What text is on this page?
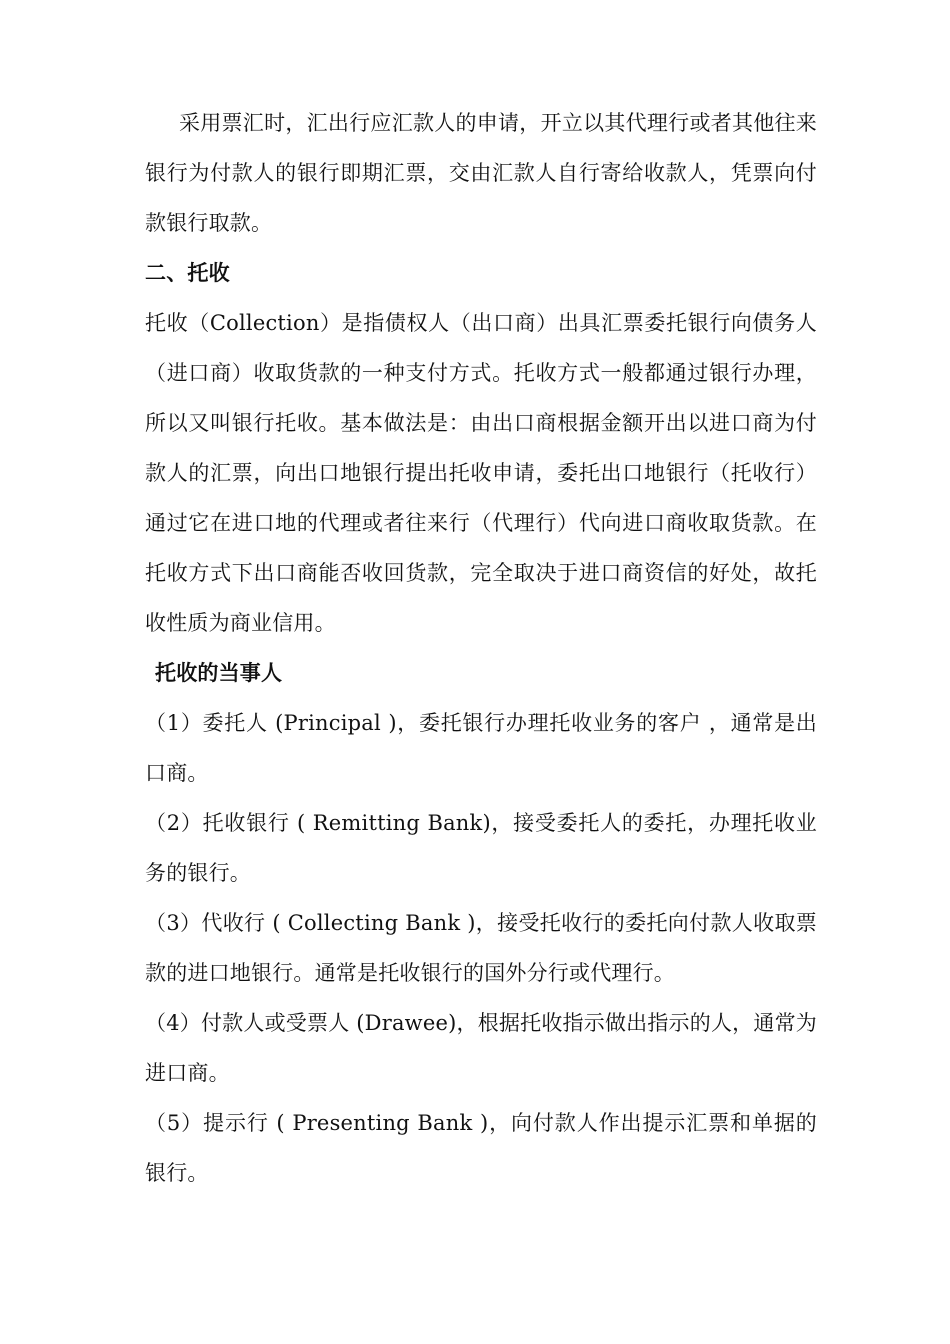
采用票汇时，汇出行应汇款人的申请，开立以其代理行或者其他往来银行为付款人的银行即期汇票，交由汇款人自行寄给收款人，凭票向付款银行取款。

二、托收

托收（Collection）是指债权人（出口商）出具汇票委托银行向债务人（进口商）收取货款的一种支付方式。托收方式一般都通过银行办理，所以又叫银行托收。基本做法是：由出口商根据金额开出以进口商为付款人的汇票，向出口地银行提出托收申请，委托出口地银行（托收行）通过它在进口地的代理或者往来行（代理行）代向进口商收取货款。在托收方式下出口商能否收回货款，完全取决于进口商资信的好处，故托收性质为商业信用。

托收的当事人

（1）委托人 (Principal )，委托银行办理托收业务的客户 ，通常是出口商。

（2）托收银行 ( Remitting Bank)，接受委托人的委托，办理托收业务的银行。

（3）代收行 ( Collecting Bank )，接受托收行的委托向付款人收取票款的进口地银行。通常是托收银行的国外分行或代理行。

（4）付款人或受票人 (Drawee)，根据托收指示做出指示的人，通常为进口商。

（5）提示行 ( Presenting Bank )，向付款人作出提示汇票和单据的银行。
